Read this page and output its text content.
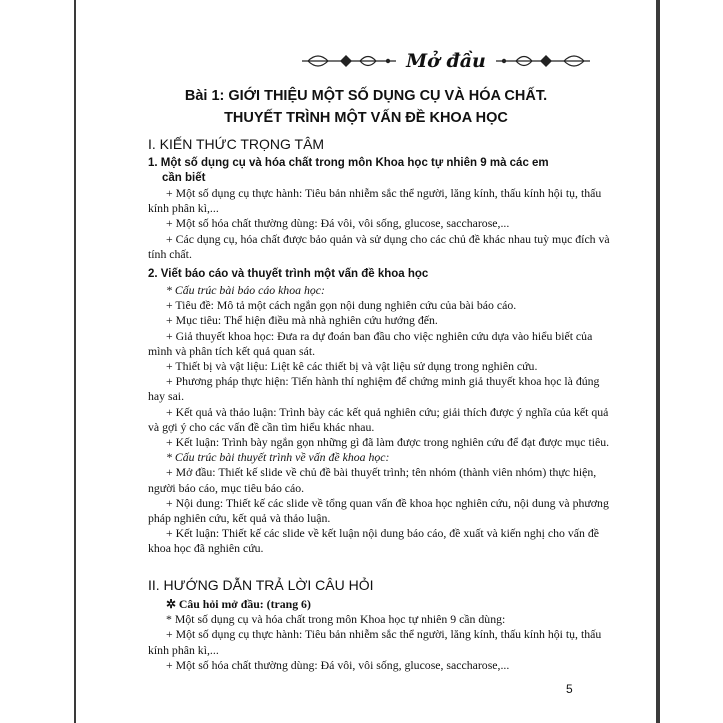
Mở đầu
Bài 1: GIỚI THIỆU MỘT SỐ DỤNG CỤ VÀ HÓA CHẤT.
THUYẾT TRÌNH MỘT VẤN ĐỀ KHOA HỌC
I. KIẾN THỨC TRỌNG TÂM
1. Một số dụng cụ và hóa chất trong môn Khoa học tự nhiên 9 mà các em
cần biết

+ Một số dụng cụ thực hành: Tiêu bản nhiễm sắc thể người, lăng kính, thấu kính hội tụ, thấu kính phân kì,...

+ Một số hóa chất thường dùng: Đá vôi, vôi sống, glucose, saccharose,...

+ Các dụng cụ, hóa chất được bảo quản và sử dụng cho các chủ đề khác nhau tuỳ mục đích và tính chất.

2. Viết báo cáo và thuyết trình một vấn đề khoa học

* Cấu trúc bài báo cáo khoa học:

+ Tiêu đề: Mô tả một cách ngắn gọn nội dung nghiên cứu của bài báo cáo.

+ Mục tiêu: Thể hiện điều mà nhà nghiên cứu hướng đến.

+ Giả thuyết khoa học: Đưa ra dự đoán ban đầu cho việc nghiên cứu dựa vào hiểu biết của mình và phân tích kết quả quan sát.

+ Thiết bị và vật liệu: Liệt kê các thiết bị và vật liệu sử dụng trong nghiên cứu.

+ Phương pháp thực hiện: Tiến hành thí nghiệm để chứng minh giả thuyết khoa học là đúng hay sai.

+ Kết quả và thảo luận: Trình bày các kết quả nghiên cứu; giải thích được ý nghĩa của kết quả và gợi ý cho các vấn đề cần tìm hiểu khác nhau.

+ Kết luận: Trình bày ngắn gọn những gì đã làm được trong nghiên cứu để đạt được mục tiêu.

* Cấu trúc bài thuyết trình về vấn đề khoa học:

+ Mở đầu: Thiết kế slide về chủ đề bài thuyết trình; tên nhóm (thành viên nhóm) thực hiện, người báo cáo, mục tiêu báo cáo.

+ Nội dung: Thiết kế các slide về tổng quan vấn đề khoa học nghiên cứu, nội dung và phương pháp nghiên cứu, kết quả và thảo luận.

+ Kết luận: Thiết kế các slide về kết luận nội dung báo cáo, đề xuất và kiến nghị cho vấn đề khoa học đã nghiên cứu.

II. HƯỚNG DẪN TRẢ LỜI CÂU HỎI

✲ Câu hỏi mở đầu: (trang 6)

* Một số dụng cụ và hóa chất trong môn Khoa học tự nhiên 9 cần dùng:

+ Một số dụng cụ thực hành: Tiêu bản nhiễm sắc thể người, lăng kính, thấu kính hội tụ, thấu kính phân kì,...

+ Một số hóa chất thường dùng: Đá vôi, vôi sống, glucose, saccharose,...

5
